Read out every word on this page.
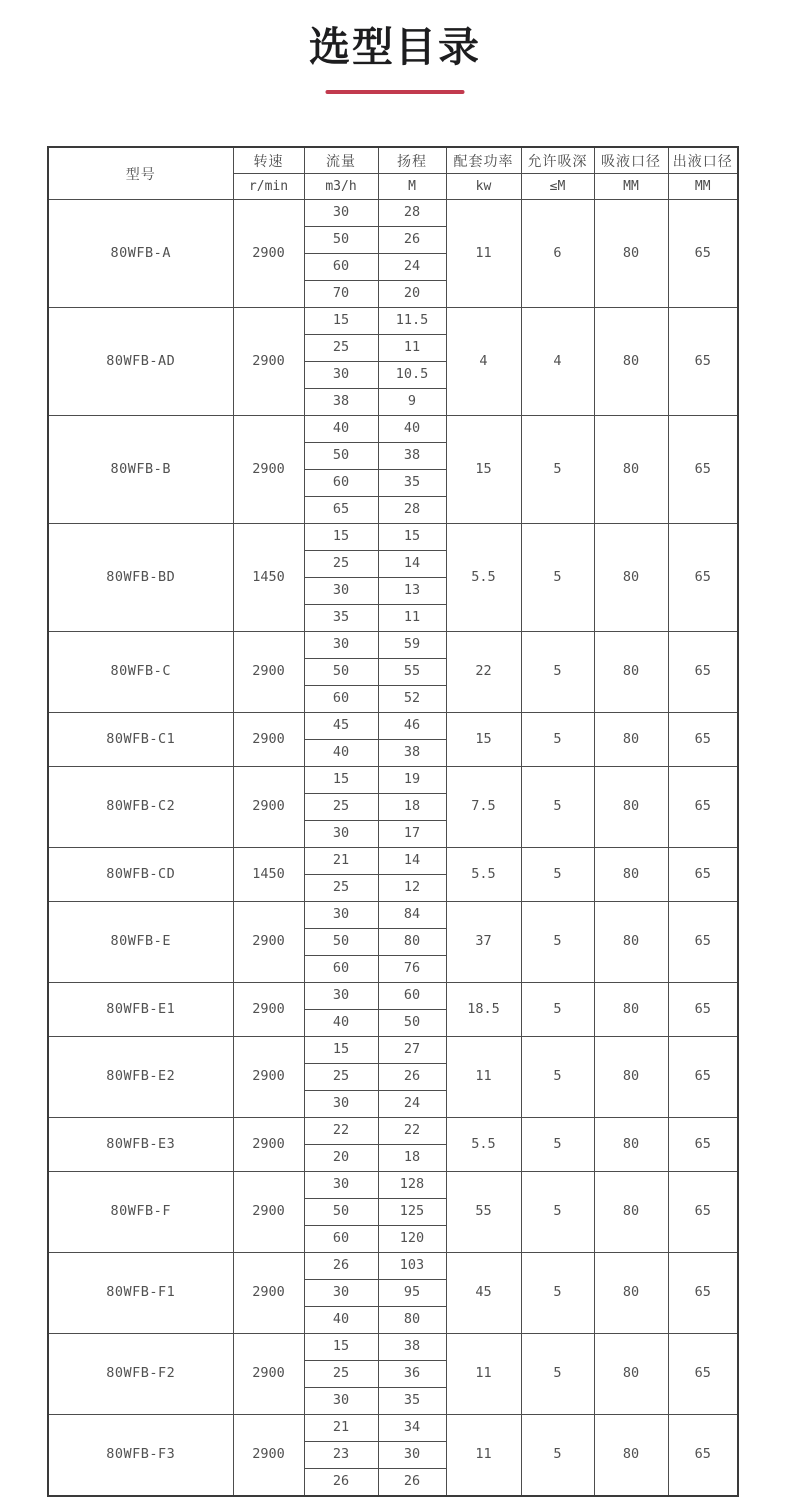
选型目录
型号	转速	流量	扬程	配套功率	允许吸深	吸液口径	出液口径
	r/min	m3/h	M	kw	≤M	MM	MM
80WFB-A	2900	30	28	11	6	80	65
		50	26				
		60	24				
		70	20				
80WFB-AD	2900	15	11.5	4	4	80	65
		25	11				
		30	10.5				
		38	9				
80WFB-B	2900	40	40	15	5	80	65
		50	38				
		60	35				
		65	28				
80WFB-BD	1450	15	15	5.5	5	80	65
		25	14				
		30	13				
		35	11				
80WFB-C	2900	30	59	22	5	80	65
		50	55				
		60	52				
80WFB-C1	2900	45	46	15	5	80	65
		40	38				
80WFB-C2	2900	15	19	7.5	5	80	65
		25	18				
		30	17				
80WFB-CD	1450	21	14	5.5	5	80	65
		25	12				
80WFB-E	2900	30	84	37	5	80	65
		50	80				
		60	76				
80WFB-E1	2900	30	60	18.5	5	80	65
		40	50				
80WFB-E2	2900	15	27	11	5	80	65
		25	26				
		30	24				
80WFB-E3	2900	22	22	5.5	5	80	65
		20	18				
80WFB-F	2900	30	128	55	5	80	65
		50	125				
		60	120				
80WFB-F1	2900	26	103	45	5	80	65
		30	95				
		40	80				
80WFB-F2	2900	15	38	11	5	80	65
		25	36				
		30	35				
80WFB-F3	2900	21	34	11	5	80	65
		23	30				
		26	26				
